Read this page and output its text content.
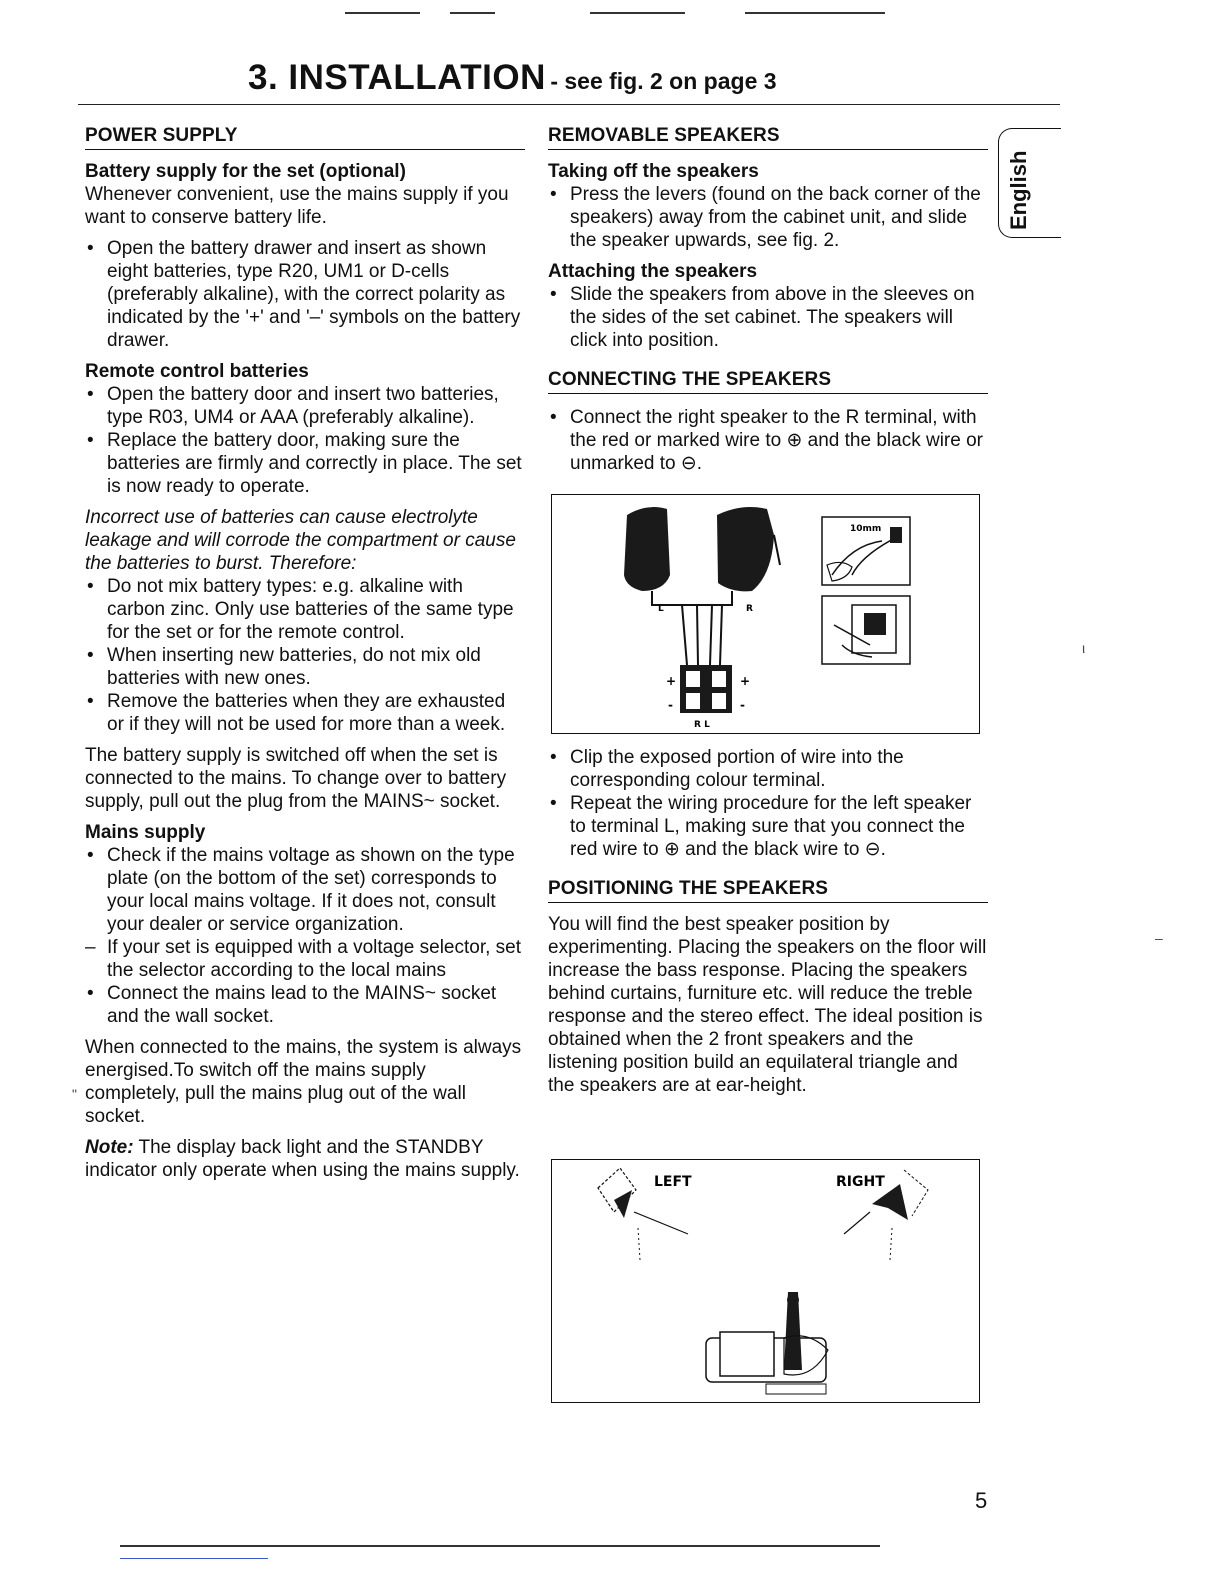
3. INSTALLATION - see fig. 2 on page 3
English
POWER SUPPLY
Battery supply for the set (optional)

Whenever convenient, use the mains supply if you want to conserve battery life.

• Open the battery drawer and insert as shown eight batteries, type R20, UM1 or D-cells (preferably alkaline), with the correct polarity as indicated by the '+' and '–' symbols on the battery drawer.
Remote control batteries
• Open the battery door and insert two batteries, type R03, UM4 or AAA (preferably alkaline).
• Replace the battery door, making sure the batteries are firmly and correctly in place. The set is now ready to operate.

Incorrect use of batteries can cause electrolyte leakage and will corrode the compartment or cause the batteries to burst. Therefore:

• Do not mix battery types: e.g. alkaline with carbon zinc. Only use batteries of the same type for the set or for the remote control.
• When inserting new batteries, do not mix old batteries with new ones.
• Remove the batteries when they are exhausted or if they will not be used for more than a week.

The battery supply is switched off when the set is connected to the mains. To change over to battery supply, pull out the plug from the MAINS~ socket.

Mains supply
• Check if the mains voltage as shown on the type plate (on the bottom of the set) corresponds to your local mains voltage. If it does not, consult your dealer or service organization.
– If your set is equipped with a voltage selector, set the selector according to the local mains
• Connect the mains lead to the MAINS~ socket and the wall socket.

When connected to the mains, the system is always energised.To switch off the mains supply completely, pull the mains plug out of the wall socket.

Note: The display back light and the STANDBY indicator only operate when using the mains supply.

REMOVABLE SPEAKERS
Taking off the speakers
• Press the levers (found on the back corner of the speakers) away from the cabinet unit, and slide the speaker upwards, see fig. 2.
Attaching the speakers
• Slide the speakers from above in the sleeves on the sides of the set cabinet. The speakers will click into position.
CONNECTING THE SPEAKERS
• Connect the right speaker to the R terminal, with the red or marked wire to ⊕ and the black wire or unmarked to ⊖.
L	R
+	+
-	-
R L
10mm
• Clip the exposed portion of wire into the corresponding colour terminal.
• Repeat the wiring procedure for the left speaker to terminal L, making sure that you connect the red wire to ⊕ and the black wire to ⊖.
POSITIONING THE SPEAKERS

You will find the best speaker position by experimenting. Placing the speakers on the floor will increase the bass response. Placing the speakers behind curtains, furniture etc. will reduce the treble response and the stereo effect. The ideal position is obtained when the 2 front speakers and the listening position build an equilateral triangle and the speakers are at ear-height.

LEFT	RIGHT
ι
–
"
5
